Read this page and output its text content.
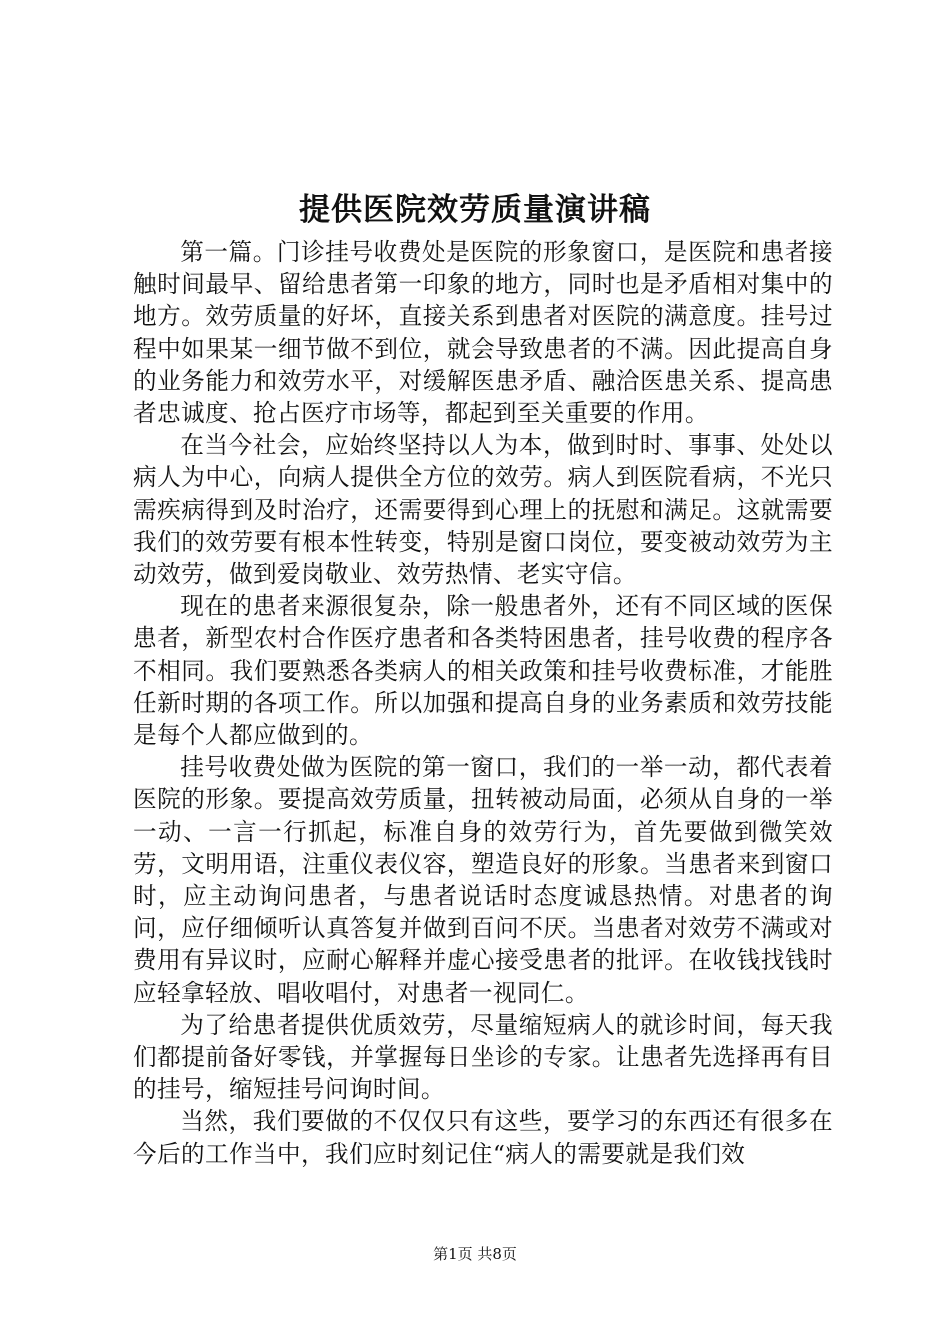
提供医院效劳质量演讲稿

第一篇。门诊挂号收费处是医院的形象窗口，是医院和患者接触时间最早、留给患者第一印象的地方，同时也是矛盾相对集中的地方。效劳质量的好坏，直接关系到患者对医院的满意度。挂号过程中如果某一细节做不到位，就会导致患者的不满。因此提高自身的业务能力和效劳水平，对缓解医患矛盾、融洽医患关系、提高患者忠诚度、抢占医疗市场等，都起到至关重要的作用。

在当今社会，应始终坚持以人为本，做到时时、事事、处处以病人为中心，向病人提供全方位的效劳。病人到医院看病，不光只需疾病得到及时治疗，还需要得到心理上的抚慰和满足。这就需要我们的效劳要有根本性转变，特别是窗口岗位，要变被动效劳为主动效劳，做到爱岗敬业、效劳热情、老实守信。

现在的患者来源很复杂，除一般患者外，还有不同区域的医保患者，新型农村合作医疗患者和各类特困患者，挂号收费的程序各不相同。我们要熟悉各类病人的相关政策和挂号收费标准，才能胜任新时期的各项工作。所以加强和提高自身的业务素质和效劳技能是每个人都应做到的。

挂号收费处做为医院的第一窗口，我们的一举一动，都代表着医院的形象。要提高效劳质量，扭转被动局面，必须从自身的一举一动、一言一行抓起，标准自身的效劳行为，首先要做到微笑效劳，文明用语，注重仪表仪容，塑造良好的形象。当患者来到窗口时，应主动询问患者，与患者说话时态度诚恳热情。对患者的询问，应仔细倾听认真答复并做到百问不厌。当患者对效劳不满或对费用有异议时，应耐心解释并虚心接受患者的批评。在收钱找钱时应轻拿轻放、唱收唱付，对患者一视同仁。

为了给患者提供优质效劳，尽量缩短病人的就诊时间，每天我们都提前备好零钱，并掌握每日坐诊的专家。让患者先选择再有目的挂号，缩短挂号问询时间。

当然，我们要做的不仅仅只有这些，要学习的东西还有很多在今后的工作当中，我们应时刻记住“病人的需要就是我们效

第1页 共8页
